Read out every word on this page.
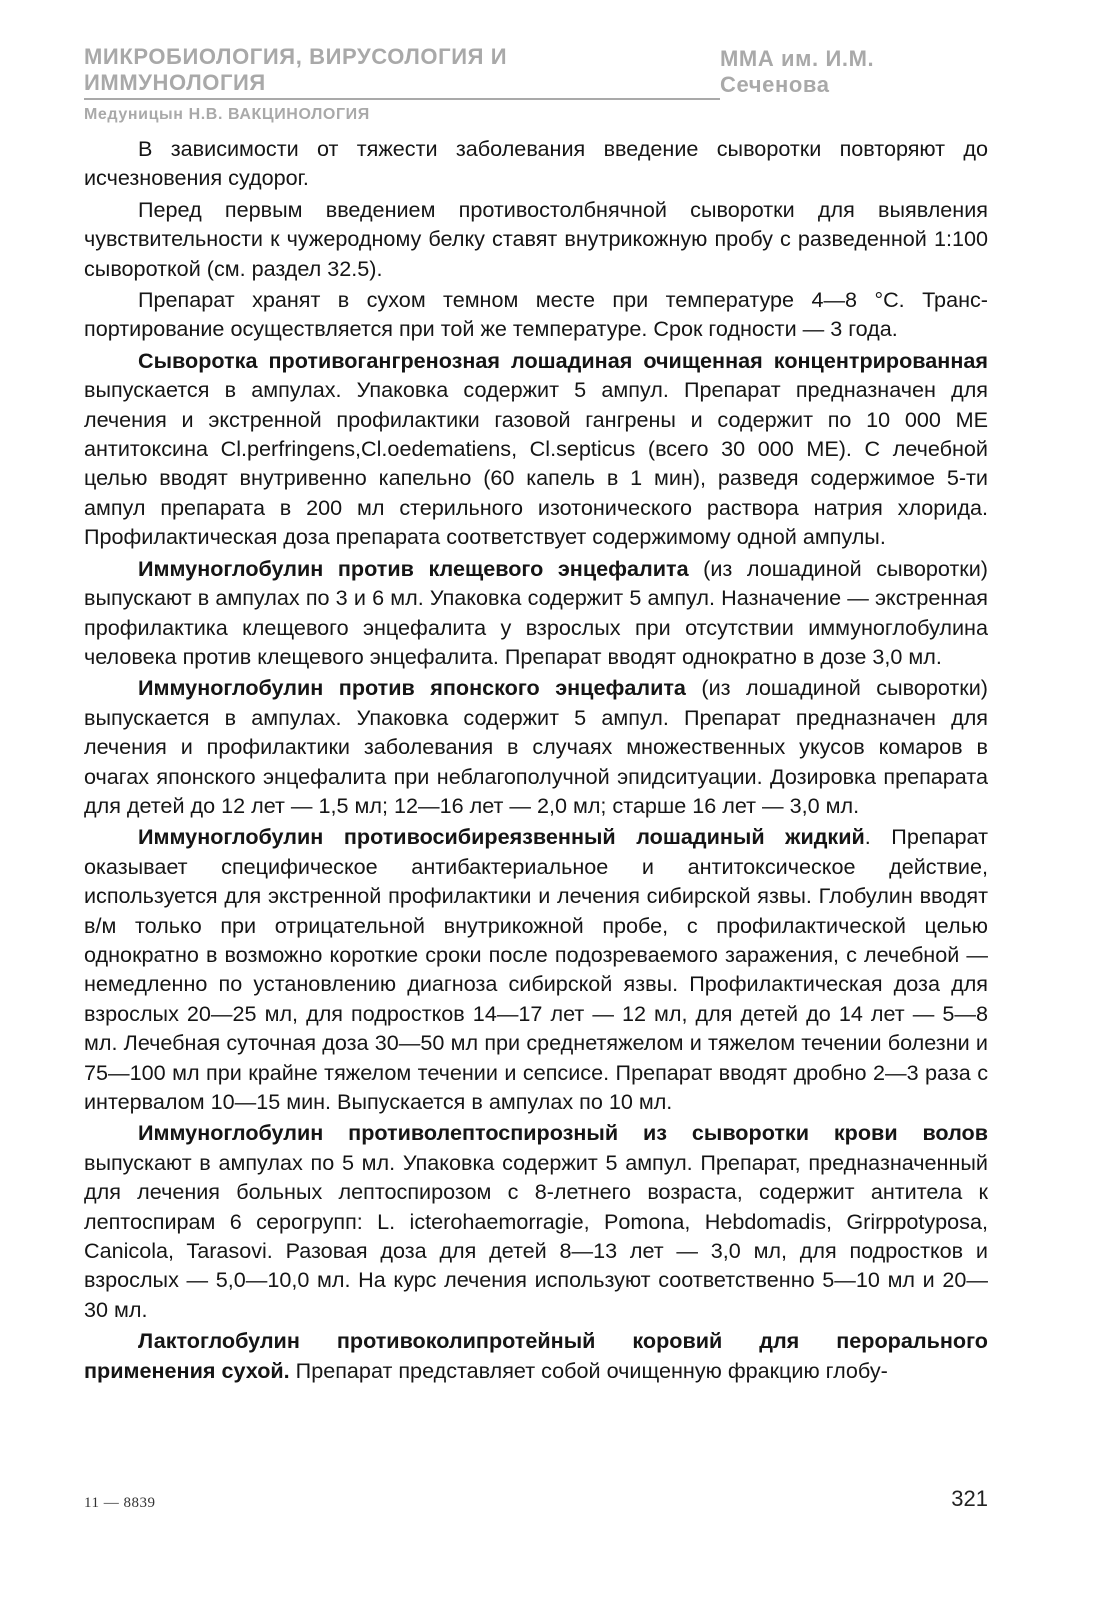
МИКРОБИОЛОГИЯ, ВИРУСОЛОГИЯ И ИММУНОЛОГИЯ
ММА им. И.М. Сеченова
Медуницын Н.В. ВАКЦИНОЛОГИЯ

В зависимости от тяжести заболевания введение сыворотки повторяют до исчезновения судорог.

Перед первым введением противостолбнячной сыворотки для выявления чувствительности к чужеродному белку ставят внутрикожную пробу с разведенной 1:100 сывороткой (см. раздел 32.5).

Препарат хранят в сухом темном месте при температуре 4—8 °С. Транспортирование осуществляется при той же температуре. Срок годности — 3 года.

Сыворотка противогангренозная лошадиная очищенная концентрированная выпускается в ампулах. Упаковка содержит 5 ампул. Препарат предназначен для лечения и экстренной профилактики газовой гангрены и содержит по 10 000 МЕ антитоксина Cl.perfringens,Cl.oedematiens, Cl.septicus (всего 30 000 МЕ). С лечебной целью вводят внутривенно капельно (60 капель в 1 мин), разведя содержимое 5-ти ампул препарата в 200 мл стерильного изотонического раствора натрия хлорида. Профилактическая доза препарата соответствует содержимому одной ампулы.

Иммуноглобулин против клещевого энцефалита (из лошадиной сыворотки) выпускают в ампулах по 3 и 6 мл. Упаковка содержит 5 ампул. Назначение — экстренная профилактика клещевого энцефалита у взрослых при отсутствии иммуноглобулина человека против клещевого энцефалита. Препарат вводят однократно в дозе 3,0 мл.

Иммуноглобулин против японского энцефалита (из лошадиной сыворотки) выпускается в ампулах. Упаковка содержит 5 ампул. Препарат предназначен для лечения и профилактики заболевания в случаях множественных укусов комаров в очагах японского энцефалита при неблагополучной эпидситуации. Дозировка препарата для детей до 12 лет — 1,5 мл; 12—16 лет — 2,0 мл; старше 16 лет — 3,0 мл.

Иммуноглобулин противосибиреязвенный лошадиный жидкий. Препарат оказывает специфическое антибактериальное и антитоксическое действие, используется для экстренной профилактики и лечения сибирской язвы. Глобулин вводят в/м только при отрицательной внутрикожной пробе, с профилактической целью однократно в возможно короткие сроки после подозреваемого заражения, с лечебной — немедленно по установлению диагноза сибирской язвы. Профилактическая доза для взрослых 20—25 мл, для подростков 14—17 лет — 12 мл, для детей до 14 лет — 5—8 мл. Лечебная суточная доза 30—50 мл при среднетяжелом и тяжелом течении болезни и 75—100 мл при крайне тяжелом течении и сепсисе. Препарат вводят дробно 2—3 раза с интервалом 10—15 мин. Выпускается в ампулах по 10 мл.

Иммуноглобулин противолептоспирозный из сыворотки крови волов выпускают в ампулах по 5 мл. Упаковка содержит 5 ампул. Препарат, предназначенный для лечения больных лептоспирозом с 8-летнего возраста, содержит антитела к лептоспирам 6 серогрупп: L. icterohaemorragie, Pomona, Hebdomadis, Grirppotyposa, Canicola, Tarasovi. Разовая доза для детей 8—13 лет — 3,0 мл, для подростков и взрослых — 5,0—10,0 мл. На курс лечения используют соответственно 5—10 мл и 20—30 мл.

Лактоглобулин противоколипротейный коровий для перорального применения сухой. Препарат представляет собой очищенную фракцию глобу-

11 — 8839	321
